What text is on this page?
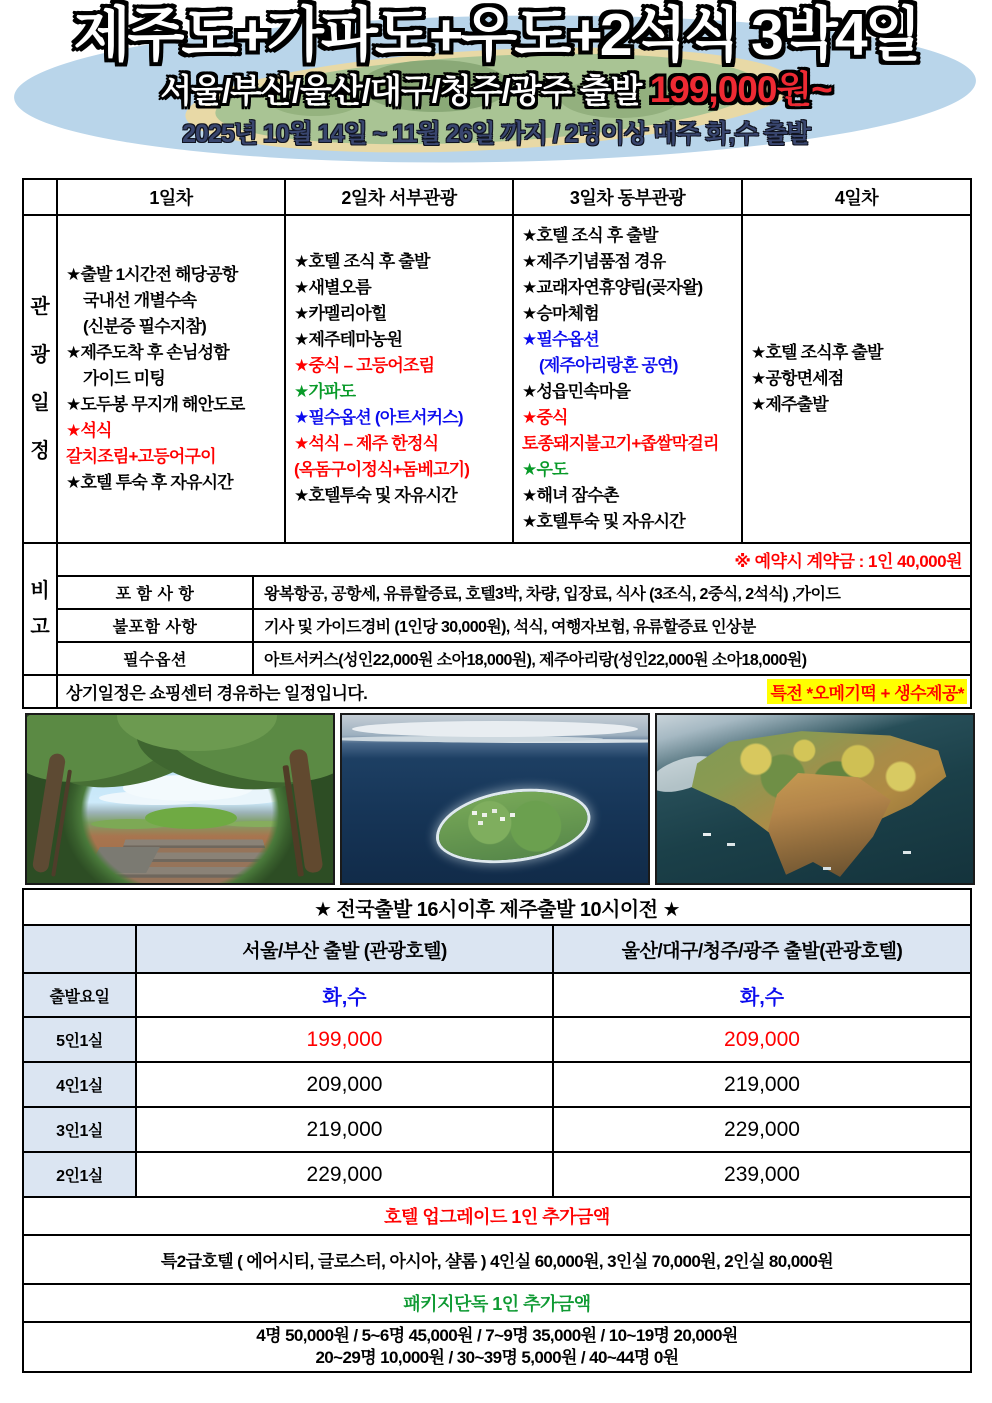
제주도+가파도+우도+2석식 3박4일
서울/부산/울산/대구/청주/광주 출발 199,000원~
2025년 10월 14일 ~ 11월 26일 까지 / 2명이상 매주 화,수 출발
	1일차	2일차 서부관광	3일차 동부관광	4일차

관
광
일
정

★출발 1시간전 해당공항
국내선 개별수속
(신분증 필수지참)
★제주도착 후 손님성함
가이드 미팅
★도두봉 무지개 해안도로
★석식
갈치조림+고등어구이
★호텔 투숙 후 자유시간

★호텔 조식 후 출발
★새별오름
★카멜리아힐
★제주테마농원
★중식 – 고등어조림
★가파도
★필수옵션 (아트서커스)
★석식 – 제주 한정식
(옥돔구이정식+돔베고기)
★호텔투숙 및 자유시간

★호텔 조식 후 출발
★제주기념품점 경유
★교래자연휴양림(곶자왈)
★승마체험
★필수옵션
(제주아리랑혼 공연)
★성읍민속마을
★중식
토종돼지불고기+좁쌀막걸리
★우도
★해녀 잠수촌
★호텔투숙 및 자유시간

★호텔 조식후 출발
★공항면세점
★제주출발
비
고	※ 예약시 계약금 : 1인 40,000원	
	포 함 사 항	왕복항공, 공항세, 유류할증료, 호텔3박, 차량, 입장료, 식사 (3조식, 2중식, 2석식) ,가이드
	불포함 사항	기사 및 가이드경비 (1인당 30,000원), 석식, 여행자보험, 유류할증료 인상분
	필수옵션	아트서커스(성인22,000원 소아18,000원), 제주아리랑(성인22,000원 소아18,000원)

	특전 *오메기떡 + 생수제공*
상기일정은 쇼핑센터 경유하는 일정입니다.	
★ 전국출발 16시이후 제주출발 10시이전 ★		
	서울/부산 출발 (관광호텔)	울산/대구/청주/광주 출발(관광호텔)
출발요일	화,수	화,수
5인1실	199,000	209,000
4인1실	209,000	219,000
3인1실	219,000	229,000
2인1실	229,000	239,000
호텔 업그레이드 1인 추가금액		
특2급호텔 ( 에어시티, 글로스터, 아시아, 샬롬 ) 4인실 60,000원, 3인실 70,000원, 2인실 80,000원		
패키지단독 1인 추가금액		

4명 50,000원 / 5~6명 45,000원 / 7~9명 35,000원 / 10~19명 20,000원
20~29명 10,000원 / 30~39명 5,000원 / 40~44명 0원		
